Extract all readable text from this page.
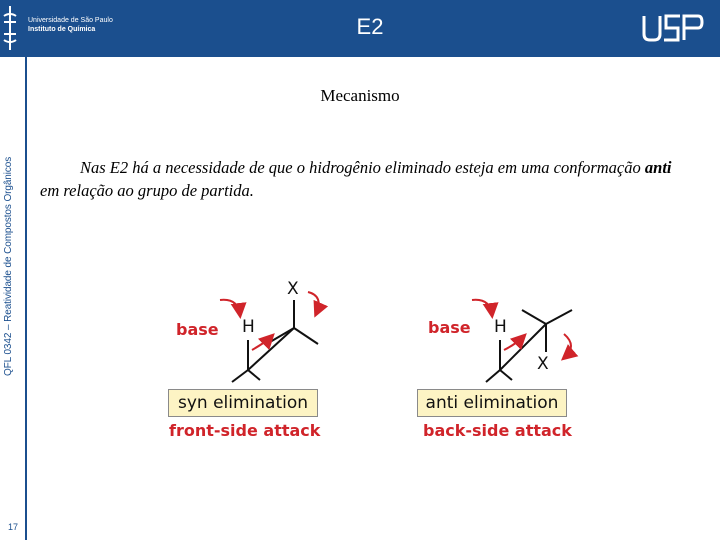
Universidade de São Paulo
Instituto de Química	E2	USP
QFL 0342 – Reatividade de Compostos Orgânicos
17
Mecanismo
Nas E2 há a necessidade de que o hidrogênio eliminado esteja em uma conformação anti em relação ao grupo de partida.
base H
X
syn elimination
front-side attack
base H
X
anti elimination
back-side attack
